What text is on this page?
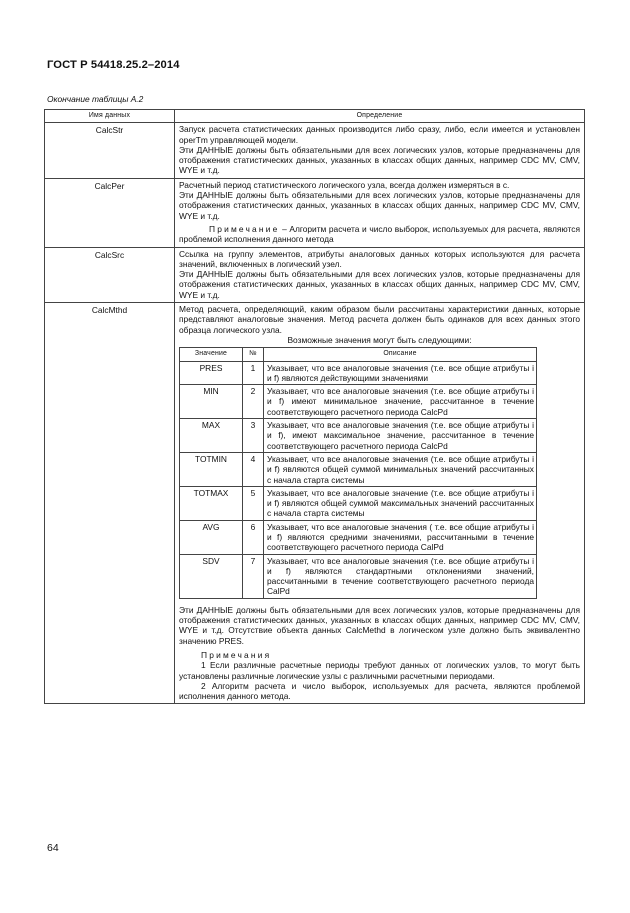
ГОСТ Р 54418.25.2–2014
Окончание таблицы А.2
Имя данных	Определение
CalcStr	Запуск расчета статистических данных производится либо сразу, либо, если имеется и установлен operTm управляющей модели.
Эти ДАННЫЕ должны быть обязательными для всех логических узлов, которые предназначены для отображения статистических данных, указанных в классах общих данных, например CDC MV, CMV, WYE и т.д.

CalcPer	Расчетный период статистического логического узла, всегда должен измеряться в с.
Эти ДАННЫЕ должны быть обязательными для всех логических узлов, которые предназначены для отображения статистических данных, указанных в классах общих данных, например CDC MV, CMV, WYE и т.д.
Примечание – Алгоритм расчета и число выборок, используемых для расчета, являются проблемой исполнения данного метода

CalcSrc	Ссылка на группу элементов, атрибуты аналоговых данных которых используются для расчета значений, включенных в логический узел.
Эти ДАННЫЕ должны быть обязательными для всех логических узлов, которые предназначены для отображения статистических данных, указанных в классах общих данных, например CDC MV, CMV, WYE и т.д.

CalcMthd	Метод расчета, определяющий, каким образом были рассчитаны характеристики данных, которые представляют аналоговые значения. Метод расчета должен быть одинаков для всех данных этого образца логического узла.
Возможные значения могут быть следующими:
Значение	№	Описание
PRES	1	Указывает, что все аналоговые значения (т.е. все общие атрибуты i и f) являются действующими значениями
MIN	2	Указывает, что все аналоговые значения (т.е. все общие атрибуты i и f) имеют минимальное значение, рассчитанное в течение соответствующего расчетного периода CalcPd
MAX	3	Указывает, что все аналоговые значения (т.е. все общие атрибуты i и f), имеют максимальное значение, рассчитанное в течение соответствующего расчетного периода CalcPd
TOTMIN	4	Указывает, что все аналоговые значения (т.е. все общие атрибуты i и f) являются общей суммой минимальных значений рассчитанных с начала старта системы
TOTMAX	5	Указывает, что все аналоговые значение (т.е. все общие атрибуты i и f) являются общей суммой максимальных значений рассчитанных с начала старта системы
AVG	6	Указывает, что все аналоговые значения ( т.е. все общие атрибуты i и f) являются средними значениями, рассчитанными в течение соответствующего расчетного периода CalPd
SDV	7	Указывает, что все аналоговые значения (т.е. все общие атрибуты i и f) являются стандартными отклонениями значений, рассчитанными в течение соответствующего расчетного периода CalPd
Эти ДАННЫЕ должны быть обязательными для всех логических узлов, которые предназначены для отображения статистических данных, указанных в классах общих данных, например CDC MV, CMV, WYE и т.д. Отсутствие объекта данных CalcMethd в логическом узле должно быть эквивалентно значению PRES.
Примечания
1 Если различные расчетные периоды требуют данных от логических узлов, то могут быть установлены различные логические узлы с различными расчетными периодами.
2 Алгоритм расчета и число выборок, используемых для расчета, являются проблемой исполнения данного метода.
64
